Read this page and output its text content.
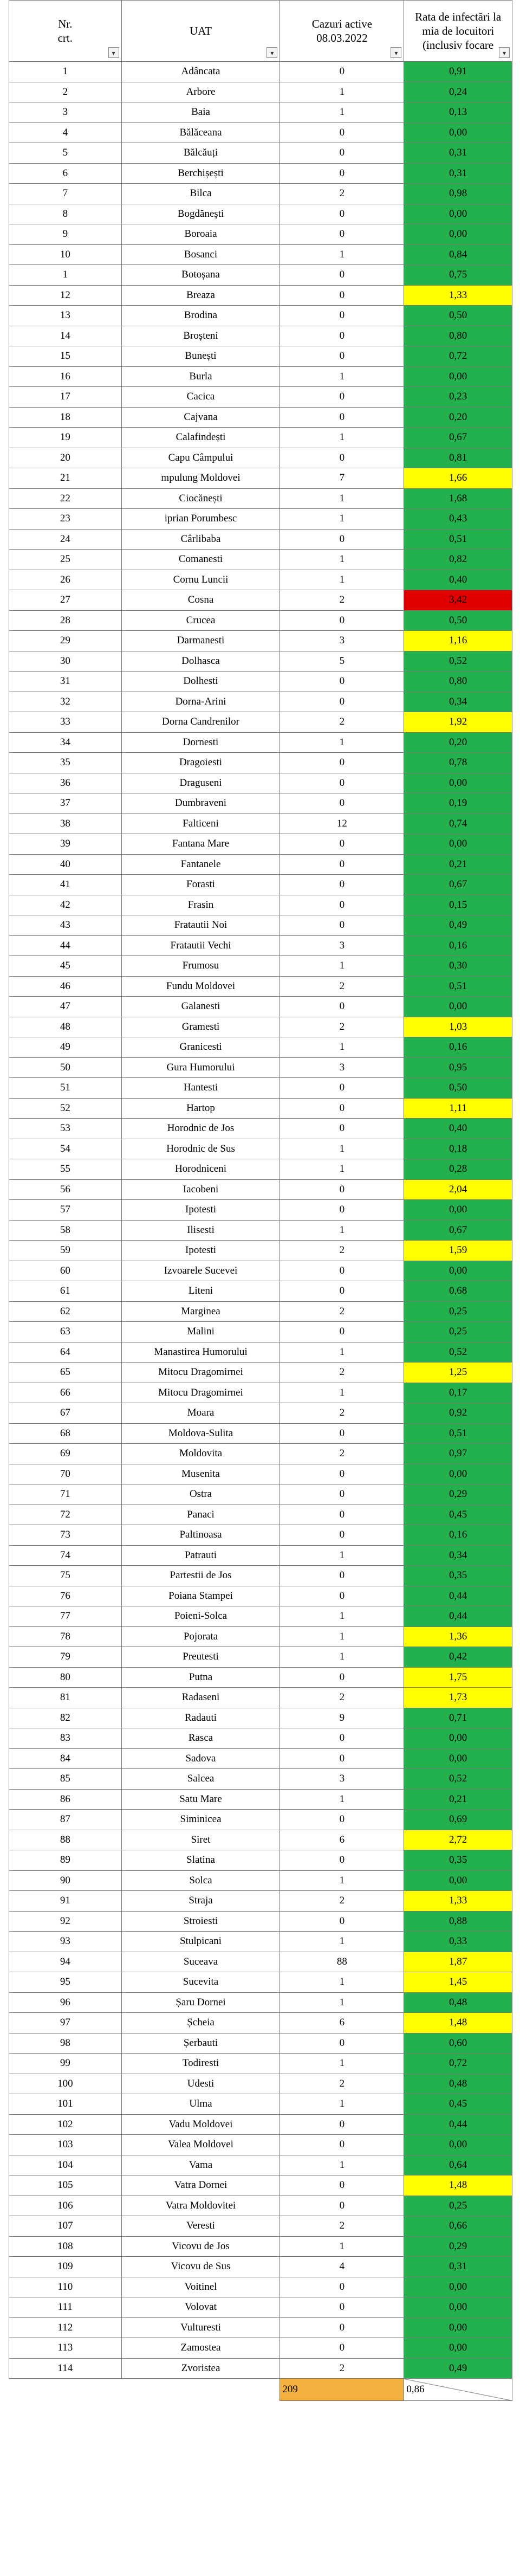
Nr.
crt.
▾	UAT
▾	Cazuri active
08.03.2022
▾	Rata de infectări la
mia de locuitori
(inclusiv focare
▾

1	Adâncata	0	0,91
2	Arbore	1	0,24
3	Baia	1	0,13
4	Bălăceana	0	0,00
5	Bălcăuți	0	0,31
6	Berchișești	0	0,31
7	Bilca	2	0,98
8	Bogdănești	0	0,00
9	Boroaia	0	0,00
10	Bosanci	1	0,84
1	Botoșana	0	0,75
12	Breaza	0	1,33
13	Brodina	0	0,50
14	Broșteni	0	0,80
15	Bunești	0	0,72
16	Burla	1	0,00
17	Cacica	0	0,23
18	Cajvana	0	0,20
19	Calafindești	1	0,67
20	Capu Câmpului	0	0,81
21	mpulung Moldovei	7	1,66
22	Ciocănești	1	1,68
23	iprian Porumbesc	1	0,43
24	Cârlibaba	0	0,51
25	Comanesti	1	0,82
26	Cornu Luncii	1	0,40
27	Cosna	2	3,42
28	Crucea	0	0,50
29	Darmanesti	3	1,16
30	Dolhasca	5	0,52
31	Dolhesti	0	0,80
32	Dorna-Arini	0	0,34
33	Dorna Candrenilor	2	1,92
34	Dornesti	1	0,20
35	Dragoiesti	0	0,78
36	Draguseni	0	0,00
37	Dumbraveni	0	0,19
38	Falticeni	12	0,74
39	Fantana Mare	0	0,00
40	Fantanele	0	0,21
41	Forasti	0	0,67
42	Frasin	0	0,15
43	Fratautii Noi	0	0,49
44	Fratautii Vechi	3	0,16
45	Frumosu	1	0,30
46	Fundu Moldovei	2	0,51
47	Galanesti	0	0,00
48	Gramesti	2	1,03
49	Granicesti	1	0,16
50	Gura Humorului	3	0,95
51	Hantesti	0	0,50
52	Hartop	0	1,11
53	Horodnic de Jos	0	0,40
54	Horodnic de Sus	1	0,18
55	Horodniceni	1	0,28
56	Iacobeni	0	2,04
57	Ipotesti	0	0,00
58	Ilisesti	1	0,67
59	Ipotesti	2	1,59
60	Izvoarele Sucevei	0	0,00
61	Liteni	0	0,68
62	Marginea	2	0,25
63	Malini	0	0,25
64	Manastirea Humorului	1	0,52
65	Mitocu Dragomirnei	2	1,25
66	Mitocu Dragomirnei	1	0,17
67	Moara	2	0,92
68	Moldova-Sulita	0	0,51
69	Moldovita	2	0,97
70	Musenita	0	0,00
71	Ostra	0	0,29
72	Panaci	0	0,45
73	Paltinoasa	0	0,16
74	Patrauti	1	0,34
75	Partestii de Jos	0	0,35
76	Poiana Stampei	0	0,44
77	Poieni-Solca	1	0,44
78	Pojorata	1	1,36
79	Preutesti	1	0,42
80	Putna	0	1,75
81	Radaseni	2	1,73
82	Radauti	9	0,71
83	Rasca	0	0,00
84	Sadova	0	0,00
85	Salcea	3	0,52
86	Satu Mare	1	0,21
87	Siminicea	0	0,69
88	Siret	6	2,72
89	Slatina	0	0,35
90	Solca	1	0,00
91	Straja	2	1,33
92	Stroiesti	0	0,88
93	Stulpicani	1	0,33
94	Suceava	88	1,87
95	Sucevita	1	1,45
96	Șaru Dornei	1	0,48
97	Șcheia	6	1,48
98	Șerbauti	0	0,60
99	Todiresti	1	0,72
100	Udesti	2	0,48
101	Ulma	1	0,45
102	Vadu Moldovei	0	0,44
103	Valea Moldovei	0	0,00
104	Vama	1	0,64
105	Vatra Dornei	0	1,48
106	Vatra Moldovitei	0	0,25
107	Veresti	2	0,66
108	Vicovu de Jos	1	0,29
109	Vicovu de Sus	4	0,31
110	Voitinel	0	0,00
111	Volovat	0	0,00
112	Vulturesti	0	0,00
113	Zamostea	0	0,00
114	Zvoristea	2	0,49
		209	0,86
